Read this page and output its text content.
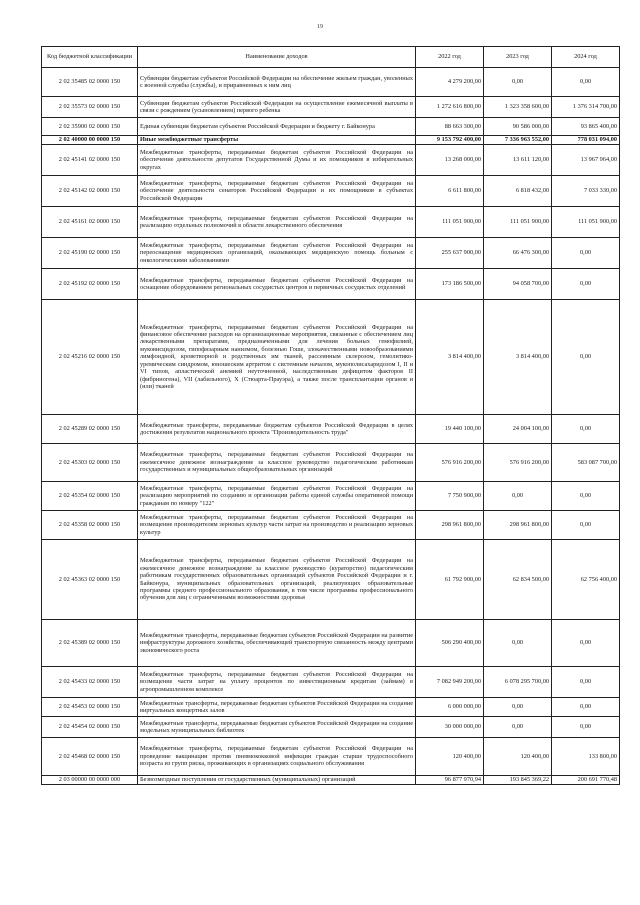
19
Код бюджетной классификации	Наименование доходов	2022 год	2023 год	2024 год
2 02 35485 02 0000 150	Субвенции бюджетам субъектов Российской Федерации на обеспечение жильем граждан, уволенных с военной службы (службы), и приравненных к ним лиц	4 279 200,00	0,00	0,00
2 02 35573 02 0000 150	Субвенции бюджетам субъектов Российской Федерации на осуществление ежемесячной выплаты в связи с рождением (усыновлением) первого ребенка	1 272 616 800,00	1 323 358 600,00	1 376 314 700,00
2 02 35900 02 0000 150	Единая субвенция бюджетам субъектов Российской Федерации и бюджету г. Байконура	88 663 300,00	90 586 000,00	93 865 400,00
2 02 40000 00 0000 150	Иные межбюджетные трансферты	9 153 792 400,00	7 336 963 552,00	778 031 094,00
2 02 45141 02 0000 150	Межбюджетные трансферты, передаваемые бюджетам субъектов Российской Федерации на обеспечение деятельности депутатов Государственной Думы и их помощников в избирательных округах	13 268 000,00	13 611 120,00	13 967 964,00
2 02 45142 02 0000 150	Межбюджетные трансферты, передаваемые бюджетам субъектов Российской Федерации на обеспечение деятельности сенаторов Российской Федерации и их помощников в субъектах Российской Федерации	6 611 800,00	6 818 432,00	7 033 330,00
2 02 45161 02 0000 150	Межбюджетные трансферты, передаваемые бюджетам субъектов Российской Федерации на реализацию отдельных полномочий в области лекарственного обеспечения	111 051 900,00	111 051 900,00	111 051 900,00
2 02 45190 02 0000 150	Межбюджетные трансферты, передаваемые бюджетам субъектов Российской Федерации на переоснащение медицинских организаций, оказывающих медицинскую помощь больным с онкологическими заболеваниями	255 637 900,00	66 476 300,00	0,00
2 02 45192 02 0000 150	Межбюджетные трансферты, передаваемые бюджетам субъектов Российской Федерации на оснащение оборудованием региональных сосудистых центров и первичных сосудистых отделений	173 186 500,00	94 058 700,00	0,00
2 02 45216 02 0000 150	Межбюджетные трансферты, передаваемые бюджетам субъектов Российской Федерации на финансовое обеспечение расходов на организационные мероприятия, связанные с обеспечением лиц лекарственными препаратами, предназначенными для лечения больных гемофилией, муковисцидозом, гипофизарным нанизмом, болезнью Гоше, злокачественными новообразованиями лимфоидной, кроветворной и родственных им тканей, рассеянным склерозом, гемолитико-уремическим синдромом, юношеским артритом с системным началом, мукополисахаридозом I, II и VI типов, апластической анемией неуточненной, наследственным дефицитом факторов II (фибриногена), VII (лабильного), X (Стюарта-Прауэра), а также после трансплантации органов и (или) тканей	3 814 400,00	3 814 400,00	0,00
2 02 45289 02 0000 150	Межбюджетные трансферты, передаваемые бюджетам субъектов Российской Федерации в целях достижения результатов национального проекта "Производительность труда"	19 440 100,00	24 004 100,00	0,00
2 02 45303 02 0000 150	Межбюджетные трансферты, передаваемые бюджетам субъектов Российской Федерации на ежемесячное денежное вознаграждение за классное руководство педагогическим работникам государственных и муниципальных общеобразовательных организаций	576 916 200,00	576 916 200,00	583 087 700,00
2 02 45354 02 0000 150	Межбюджетные трансферты, передаваемые бюджетам субъектов Российской Федерации на реализацию мероприятий по созданию и организации работы единой службы оперативной помощи гражданам по номеру "122"	7 750 900,00	0,00	0,00
2 02 45358 02 0000 150	Межбюджетные трансферты, передаваемые бюджетам субъектов Российской Федерации на возмещение производителям зерновых культур части затрат на производство и реализацию зерновых культур	298 961 800,00	298 961 800,00	0,00
2 02 45363 02 0000 150	Межбюджетные трансферты, передаваемые бюджетам субъектов Российской Федерации на ежемесячное денежное вознаграждение за классное руководство (кураторство) педагогическим работникам государственных образовательных организаций субъектов Российской Федерации и г. Байконура, муниципальных образовательных организаций, реализующих образовательные программы среднего профессионального образования, в том числе программы профессионального обучения для лиц с ограниченными возможностями здоровья	61 792 900,00	62 834 500,00	62 756 400,00
2 02 45389 02 0000 150	Межбюджетные трансферты, передаваемые бюджетам субъектов Российской Федерации на развитие инфраструктуры дорожного хозяйства, обеспечивающей транспортную связанность между центрами экономического роста	506 290 400,00	0,00	0,00
2 02 45433 02 0000 150	Межбюджетные трансферты, передаваемые бюджетам субъектов Российской Федерации на возмещение части затрат на уплату процентов по инвестиционным кредитам (займам) в агропромышленном комплексе	7 082 949 200,00	6 078 295 700,00	0,00
2 02 45453 02 0000 150	Межбюджетные трансферты, передаваемые бюджетам субъектов Российской Федерации на создание виртуальных концертных залов	6 000 000,00	0,00	0,00
2 02 45454 02 0000 150	Межбюджетные трансферты, передаваемые бюджетам субъектов Российской Федерации на создание модельных муниципальных библиотек	30 000 000,00	0,00	0,00
2 02 45468 02 0000 150	Межбюджетные трансферты, передаваемые бюджетам субъектов Российской Федерации на проведение вакцинации против пневмококковой инфекции граждан старше трудоспособного возраста из групп риска, проживающих в организациях социального обслуживания	120 400,00	120 400,00	133 800,00
2 03 00000 00 0000 000	Безвозмездные поступления от государственных (муниципальных) организаций	96 877 970,94	193 845 369,22	200 691 770,48
